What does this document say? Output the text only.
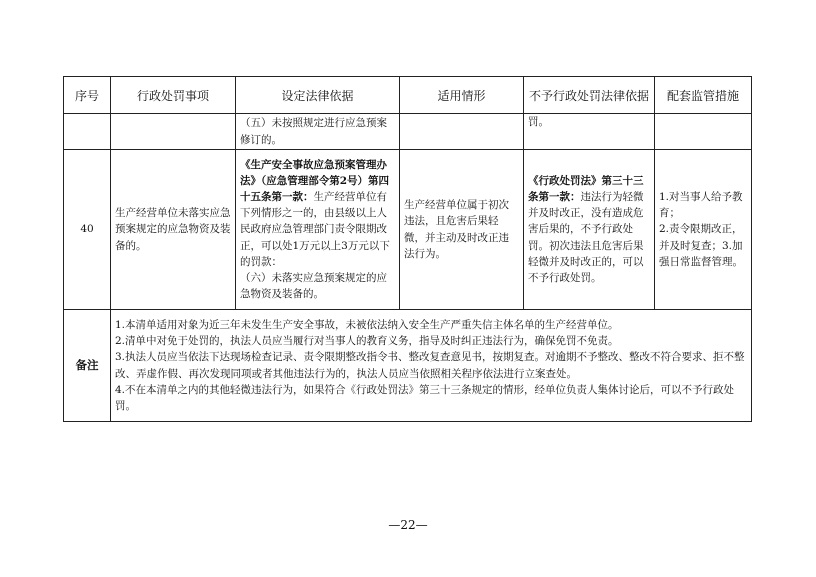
序号	行政处罚事项	设定法律依据	适用情形	不予行政处罚法律依据	配套监管措施
		（五）未按照规定进行应急预案修订的。		罚。	
40	生产经营单位未落实应急预案规定的应急物资及装备的。	《生产安全事故应急预案管理办法》（应急管理部令第2号）第四十五条第一款：生产经营单位有下列情形之一的，由县级以上人民政府应急管理部门责令限期改正，可以处1万元以上3万元以下的罚款：
（六）未落实应急预案规定的应急物资及装备的。	生产经营单位属于初次违法，且危害后果轻微，并主动及时改正违法行为。	《行政处罚法》第三十三条第一款：违法行为轻微并及时改正，没有造成危害后果的，不予行政处罚。初次违法且危害后果轻微并及时改正的，可以不予行政处罚。	1.对当事人给予教育；
2.责令限期改正，并及时复查；3.加强日常监督管理。
备注	1.本清单适用对象为近三年未发生生产安全事故，未被依法纳入安全生产严重失信主体名单的生产经营单位。

2.清单中对免于处罚的，执法人员应当履行对当事人的教育义务，指导及时纠正违法行为，确保免罚不免责。

3.执法人员应当依法下达现场检查记录、责令限期整改指令书、整改复查意见书，按期复查。对逾期不予整改、整改不符合要求、拒不整改、弄虚作假、再次发现同项或者其他违法行为的，执法人员应当依照相关程序依法进行立案查处。

4.不在本清单之内的其他轻微违法行为，如果符合《行政处罚法》第三十三条规定的情形，经单位负责人集体讨论后，可以不予行政处罚。				

—22—
